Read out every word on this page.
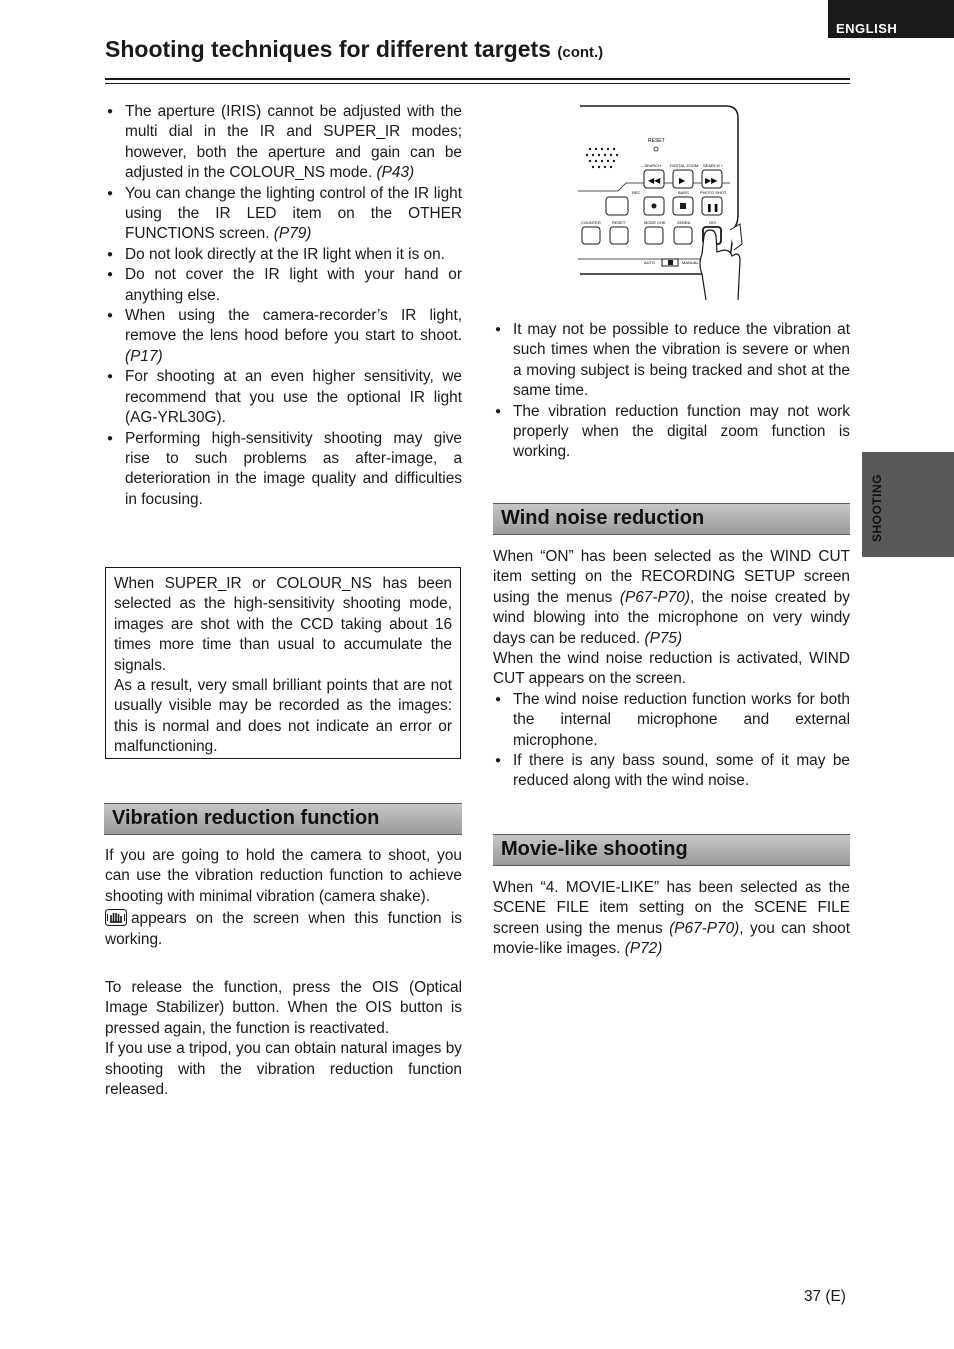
ENGLISH
Shooting techniques for different targets (cont.)
● The aperture (IRIS) cannot be adjusted with the multi dial in the IR and SUPER_IR modes; however, both the aperture and gain can be adjusted in the COLOUR_NS mode. (P43)
● You can change the lighting control of the IR light using the IR LED item on the OTHER FUNCTIONS screen. (P79)
● Do not look directly at the IR light when it is on.
● Do not cover the IR light with your hand or anything else.
● When using the camera-recorder’s IR light, remove the lens hood before you start to shoot. (P17)
● For shooting at an even higher sensitivity, we recommend that you use the optional IR light (AG-YRL30G).
● Performing high-sensitivity shooting may give rise to such problems as after-image, a deterioration in the image quality and difficulties in focusing.

When SUPER_IR or COLOUR_NS has been selected as the high-sensitivity shooting mode, images are shot with the CCD taking about 16 times more time than usual to accumulate the signals.

As a result, very small brilliant points that are not usually visible may be recorded as the images: this is normal and does not indicate an error or malfunctioning.

Vibration reduction function

If you are going to hold the camera to shoot, you can use the vibration reduction function to achieve shooting with minimal vibration (camera shake).

appears on the screen when this function is working.

To release the function, press the OIS (Optical Image Stabilizer) button. When the OIS button is pressed again, the function is reactivated.

If you use a tripod, you can obtain natural images by shooting with the vibration reduction function released.

RESET
– SEARCH DIGITAL ZOOM SEARCH +
◀◀ ▶ ▶▶
REC	BARS	PHOTO SHOT
❚❚
COUNTER	RESET	MODE CHK	ZEBRA	OIS
AUTO	MANUAL
● It may not be possible to reduce the vibration at such times when the vibration is severe or when a moving subject is being tracked and shot at the same time.
● The vibration reduction function may not work properly when the digital zoom function is working.
Wind noise reduction

When “ON” has been selected as the WIND CUT item setting on the RECORDING SETUP screen using the menus (P67-P70), the noise created by wind blowing into the microphone on very windy days can be reduced. (P75)

When the wind noise reduction is activated, WIND CUT appears on the screen.

● The wind noise reduction function works for both the internal microphone and external microphone.
● If there is any bass sound, some of it may be reduced along with the wind noise.
Movie-like shooting

When “4. MOVIE-LIKE” has been selected as the SCENE FILE item setting on the SCENE FILE screen using the menus (P67-P70), you can shoot movie-like images. (P72)

SHOOTING
37 (E)
